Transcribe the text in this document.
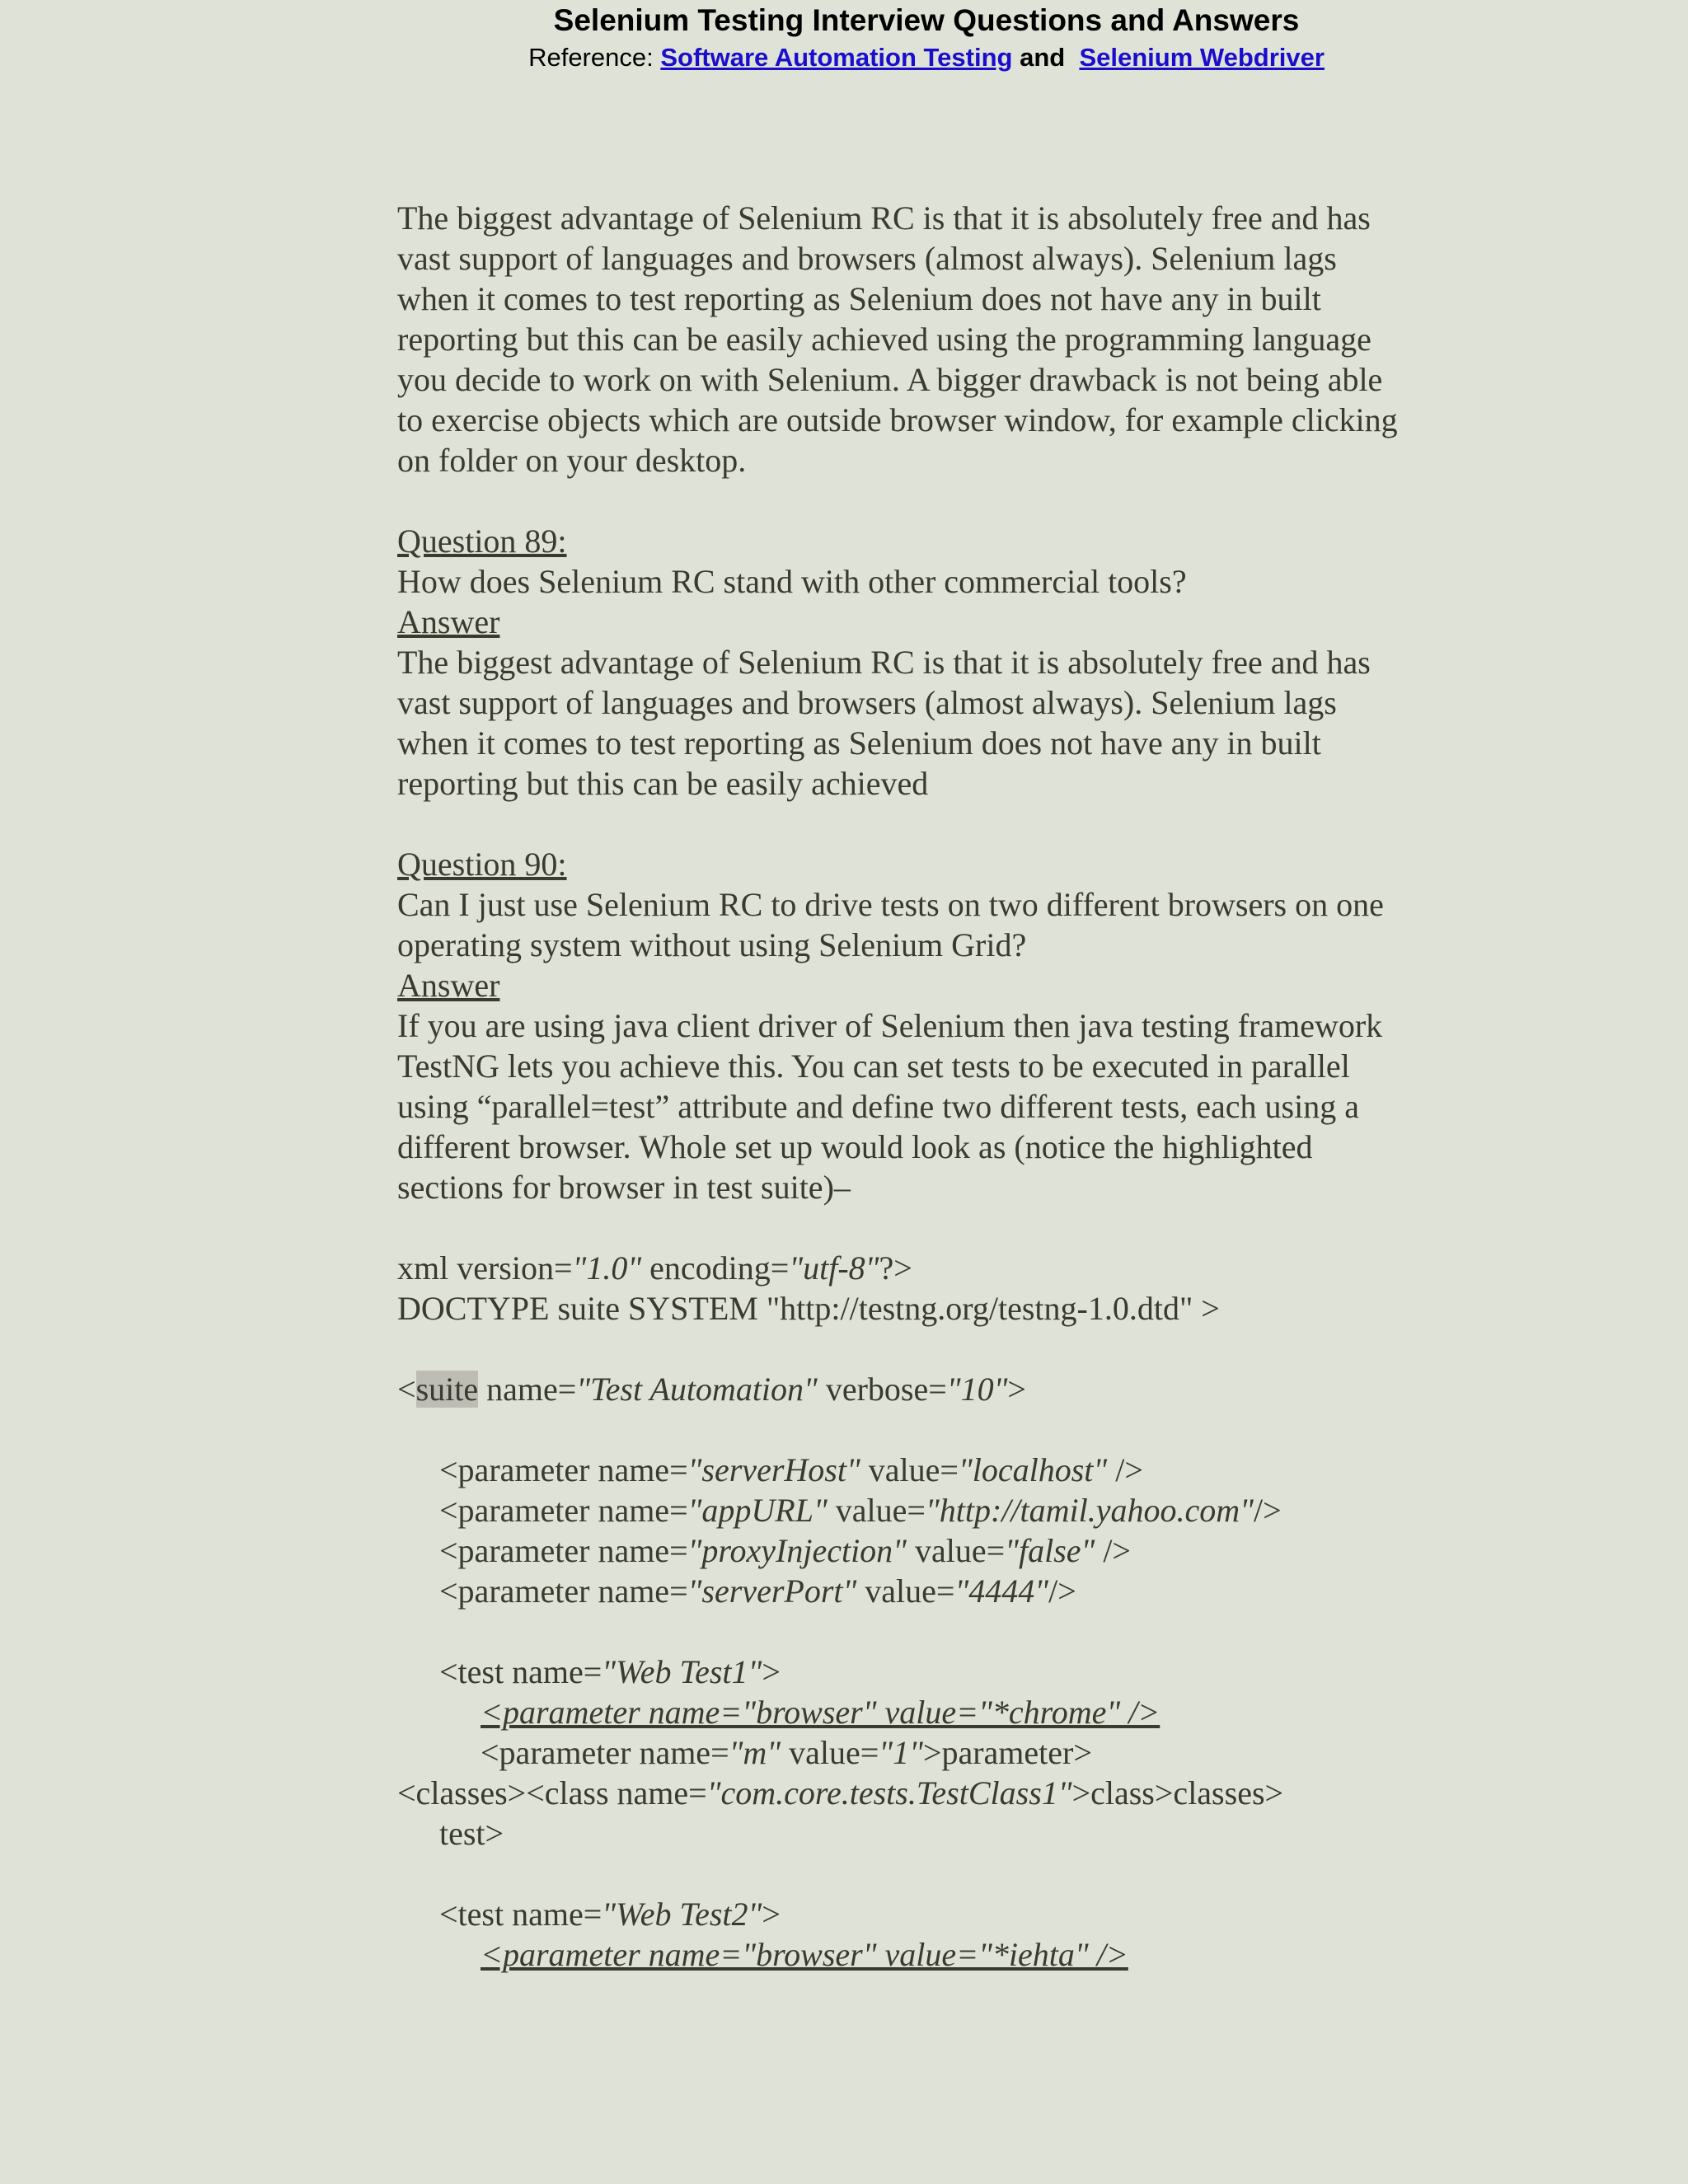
Selenium Testing Interview Questions and Answers
Reference: Software Automation Testing and Selenium Webdriver

The biggest advantage of Selenium RC is that it is absolutely free and has

vast support of languages and browsers (almost always). Selenium lags

when it comes to test reporting as Selenium does not have any in built

reporting but this can be easily achieved using the programming language

you decide to work on with Selenium. A bigger drawback is not being able

to exercise objects which are outside browser window, for example clicking

on folder on your desktop.

Question 89:

How does Selenium RC stand with other commercial tools?

Answer

The biggest advantage of Selenium RC is that it is absolutely free and has

vast support of languages and browsers (almost always). Selenium lags

when it comes to test reporting as Selenium does not have any in built

reporting but this can be easily achieved

Question 90:

Can I just use Selenium RC to drive tests on two different browsers on one

operating system without using Selenium Grid?

Answer

If you are using java client driver of Selenium then java testing framework

TestNG lets you achieve this. You can set tests to be executed in parallel

using “parallel=test” attribute and define two different tests, each using a

different browser. Whole set up would look as (notice the highlighted

sections for browser in test suite)–

xml version="1.0" encoding="utf-8"?>

DOCTYPE suite SYSTEM "http://testng.org/testng-1.0.dtd" >

<suite name="Test Automation" verbose="10">

<parameter name="serverHost" value="localhost" />

<parameter name="appURL" value="http://tamil.yahoo.com"/>

<parameter name="proxyInjection" value="false" />

<parameter name="serverPort" value="4444"/>

<test name="Web Test1">

<parameter name="browser" value="*chrome" />

<parameter name="m" value="1">parameter>

<classes><class name="com.core.tests.TestClass1">class>classes>

test>

<test name="Web Test2">

<parameter name="browser" value="*iehta" />
